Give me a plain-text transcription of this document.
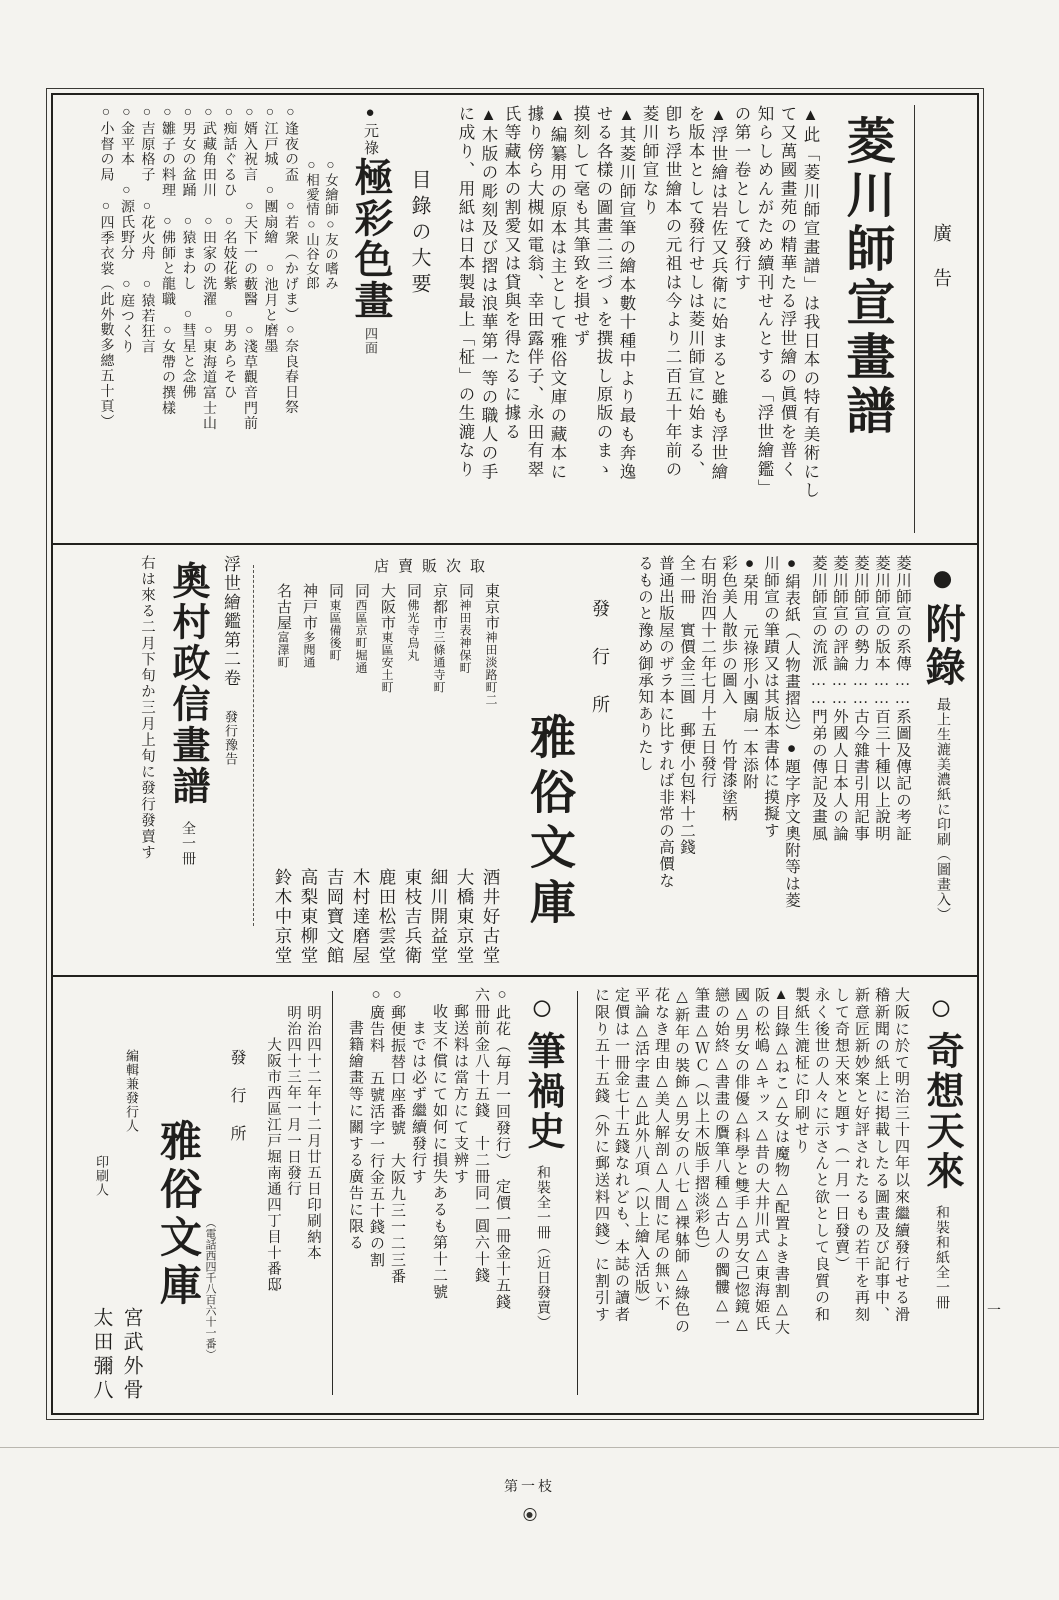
廣告
菱川師宣畫譜
▲此「菱川師宣畫譜」は我日本の特有美術にし
て又萬國畫苑の精華たる浮世繪の眞價を普く
知らしめんがため續刊せんとする「浮世繪鑑」
の第一卷として發行す
▲浮世繪は岩佐又兵衛に始まると雖も浮世繪
を版本として發行せしは菱川師宣に始まる、
卽ち浮世繪本の元祖は今より二百五十年前の
菱川師宣なり
▲其菱川師宣筆の繪本數十種中より最も奔逸
せる各樣の圖畫二三づゝを撰拔し原版のまゝ
摸刻して毫も其筆致を損せず
▲編纂用の原本は主として雅俗文庫の藏本に
據り傍ら大槻如電翁、幸田露伴子、永田有翠
氏等藏本の割愛又は貸與を得たるに據る
▲木版の彫刻及び摺は浪華第一等の職人の手
に成り、用紙は日本製最上「柾」の生漉なり
目錄の大要
●元祿極彩色畫四面
○女繪師○友の嗜み
○相愛情○山谷女郎
○逢夜の盃○若衆（かげま）○奈良春日祭
○江戸城○團扇繪○池月と磨墨
○婿入祝言○天下一の藪醫○淺草觀音門前
○痴話ぐるひ○名妓花紫○男あらそひ
○武藏角田川○田家の洗濯○東海道富士山
○男女の盆踊○猿まわし○彗星と念佛
○雛子の料理○佛師と龍職○女帶の撰樣
○吉原格子○花火舟○猿若狂言
○金平本○源氏野分○庭つくり
○小督の局○四季衣裳（此外數多總五十頁）
●附錄最上生漉美濃紙に印刷（圖畫入）
菱川師宣の系傳……系圖及傳記の考証
菱川師宣の版本……百三十種以上說明
菱川師宣の勢力……古今雜書引用記事
菱川師宣の評論……外國人日本人の論
菱川師宣の流派……門弟の傳記及畫風
●絹表紙（人物畫摺込）●題字序文奧附等は菱
川師宣の筆蹟又は其版本書体に摸擬す
●栞用　元祿形小團扇一本添附
彩色美人散歩の圖入　　竹骨漆塗柄
右明治四十二年七月十五日發行
全一冊　實價金三圓　郵便小包料十二錢
普通出版屋のザラ本に比すれば非常の高價な
るものと豫め御承知ありたし
發行所
雅俗文庫
取次販賣店
東京市神田淡路町二
酒井好古堂
同神田表神保町
大橋東京堂
京都市三條通寺町
細川開益堂
同佛光寺烏丸
東枝吉兵衛
大阪市東區安土町
鹿田松雲堂
同西區京町堀通
木村達磨屋
同東區備後町
吉岡寶文館
神戸市多聞通
高梨東柳堂
名古屋富澤町
鈴木中京堂
浮世繪鑑第二卷發行豫告
奧村政信畫譜全一冊
右は來る二月下旬か三月上旬に發行發賣す
○奇想天來和裝和紙全一冊
大阪に於て明治三十四年以來繼續發行せる滑
稽新聞の紙上に掲載したる圖畫及び記事中、
新意匠新妙案と好評されたるもの若干を再刻
して奇想天來と題す（一月一日發賣）
永く後世の人々に示さんと欲として良質の和
製紙生漉柾に印刷せり
▲目錄△ねこ△女は魔物△配置よき書割△大
阪の松嶋△キッス△昔の大井川式△東海姫氏
國△男女の俳優△科學と雙手△男女己惚鏡△
戀の始終△書畫の贋筆八種△古人の髑髏△一
筆畫△ＷＣ（以上木版手摺淡彩色）
△新年の裝飾△男女の八七△裸躰師△綠色の
花なき理由△美人解剖△人間に尾の無い不
平論△活字畫△此外八項（以上繪入活版）
定價は一冊金七十五錢なれども、本誌の讀者
に限り五十五錢（外に郵送料四錢）に割引す
○筆禍史和裝全一冊（近日發賣）
○此花（毎月一回發行）　定價一冊金十五錢
六冊前金八十五錢　十二冊同一圓六十錢
　郵送料は當方にて支辨す
　收支不償にて如何に損失あるも第十二號
　　までは必ず繼續發行す
○郵便振替口座番號　大阪九三一二三番
○廣告料　五號活字一行金五十錢の割
　　書籍繪畫等に關する廣告に限る
明治四十二年十二月廿五日印刷納本
明治四十三年一月一日發行
　　大阪市西區江戸堀南通四丁目十番邸
發行所
（電話西四千八百六十一番）
雅俗文庫
編輯兼發行人
宮武外骨
印刷人
太田彌八	一
第一枝
